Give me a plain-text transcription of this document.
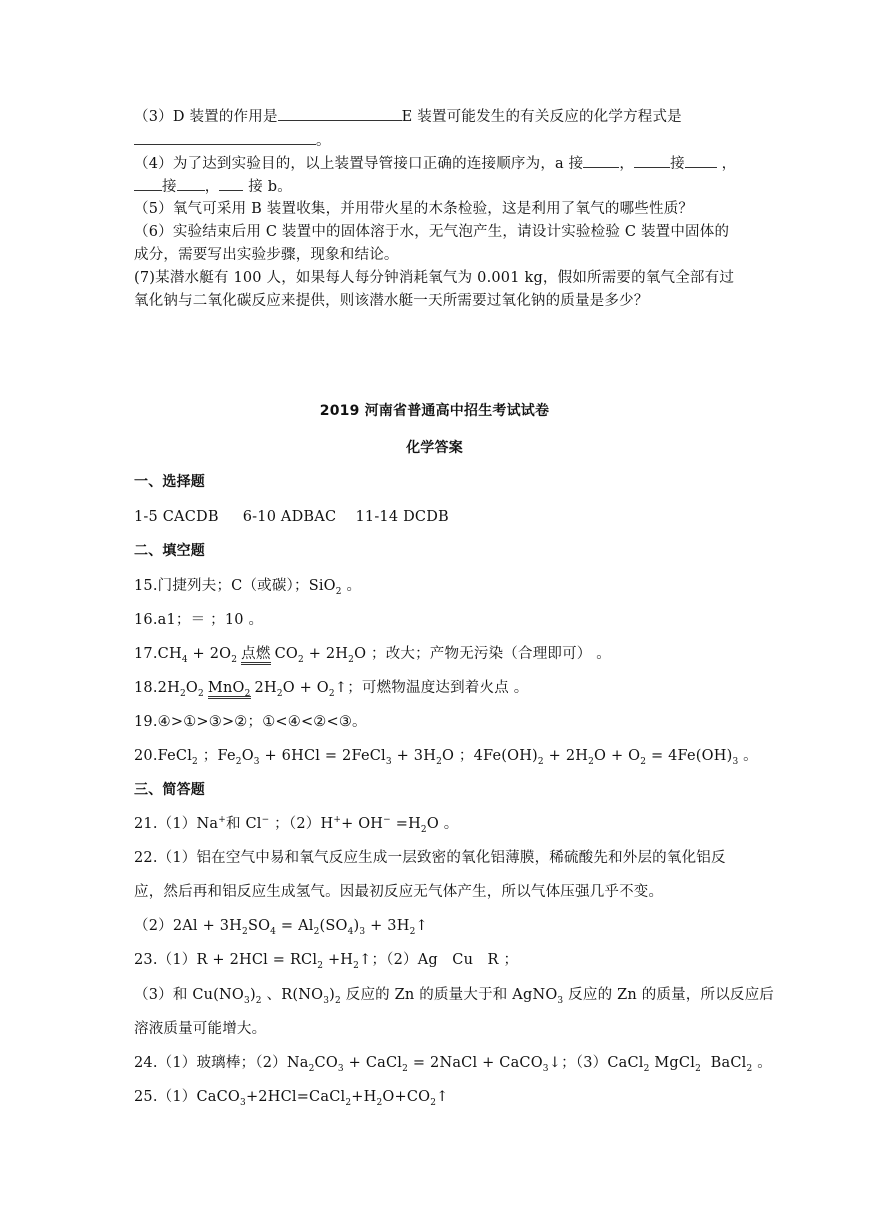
（3）D 装置的作用是	E 装置可能发生的有关反应的化学方程式是
。
（4）为了达到实验目的，以上装置导管接口正确的连接顺序为，a 接 ， 接	，
接 ， 接 b。
（5）氧气可采用 B 装置收集，并用带火星的木条检验，这是利用了氧气的哪些性质？
（6）实验结束后用 C 装置中的固体溶于水，无气泡产生，请设计实验检验 C 装置中固体的
成分，需要写出实验步骤，现象和结论。
(7)某潜水艇有 100 人，如果每人每分钟消耗氧气为 0.001 kg，假如所需要的氧气全部有过
氧化钠与二氧化碳反应来提供，则该潜水艇一天所需要过氧化钠的质量是多少？
2019 河南省普通高中招生考试试卷
化学答案
一、选择题
1-5 CACDB     6-10 ADBAC    11-14 DCDB
二、填空题
15.门捷列夫；C（或碳）；SiO$_2$ 。
16.a1；＝ ；10 。
$17.CH_4 + 2O_2$ 点燃 $CO_2 + 2H_2O$ ；改大；产物无污染（合理即可） 。
$18.2H_2O_2$ MnO$_2$ $2H_2O$ + $O_2↑$；可燃物温度达到着火点 。
19.④>①>③>②；①<④<②<③。
20.FeCl$_2$ ；$Fe_2O_3 + 6HCl$ = 2FeCl$_3$ + $3H_2O$ ；$4Fe(OH)_2 + 2H_2O + O_2 = 4Fe(OH)_3$ 。
三、简答题
21.（1）Na+和 Cl− ；$(2)H^++ OH^- =H_2O$ 。
22.（1）铝在空气中易和氧气反应生成一层致密的氧化铝薄膜，稀硫酸先和外层的氧化铝反
应，然后再和铝反应生成氢气。因最初反应无气体产生，所以气体压强几乎不变。
$(2)2Al + 3H_2SO_4 = Al_2(SO_4)_3$ + $3H_2↑$
$23.(1)R + 2HCl = RCl_2 +H_2↑$；（2）Ag   Cu   R ；
（3）和 $Cu(NO_3)_2$ 、$R(NO_3)_2$ 反应的 Zn 的质量大于和 AgNO$_3$ 反应的 Zn 的质量，所以反应后
溶液质量可能增大。
24.（1）玻璃棒；$(2)Na_2CO_3$ + CaCl$_2$ = 2NaCl + CaCO$_3$↓；（3）CaCl$_2$ MgCl$_2$  BaCl$_2$ 。
$25.(1)CaCO_3+2HCl=CaCl_2+H_2O+CO_2↑$
